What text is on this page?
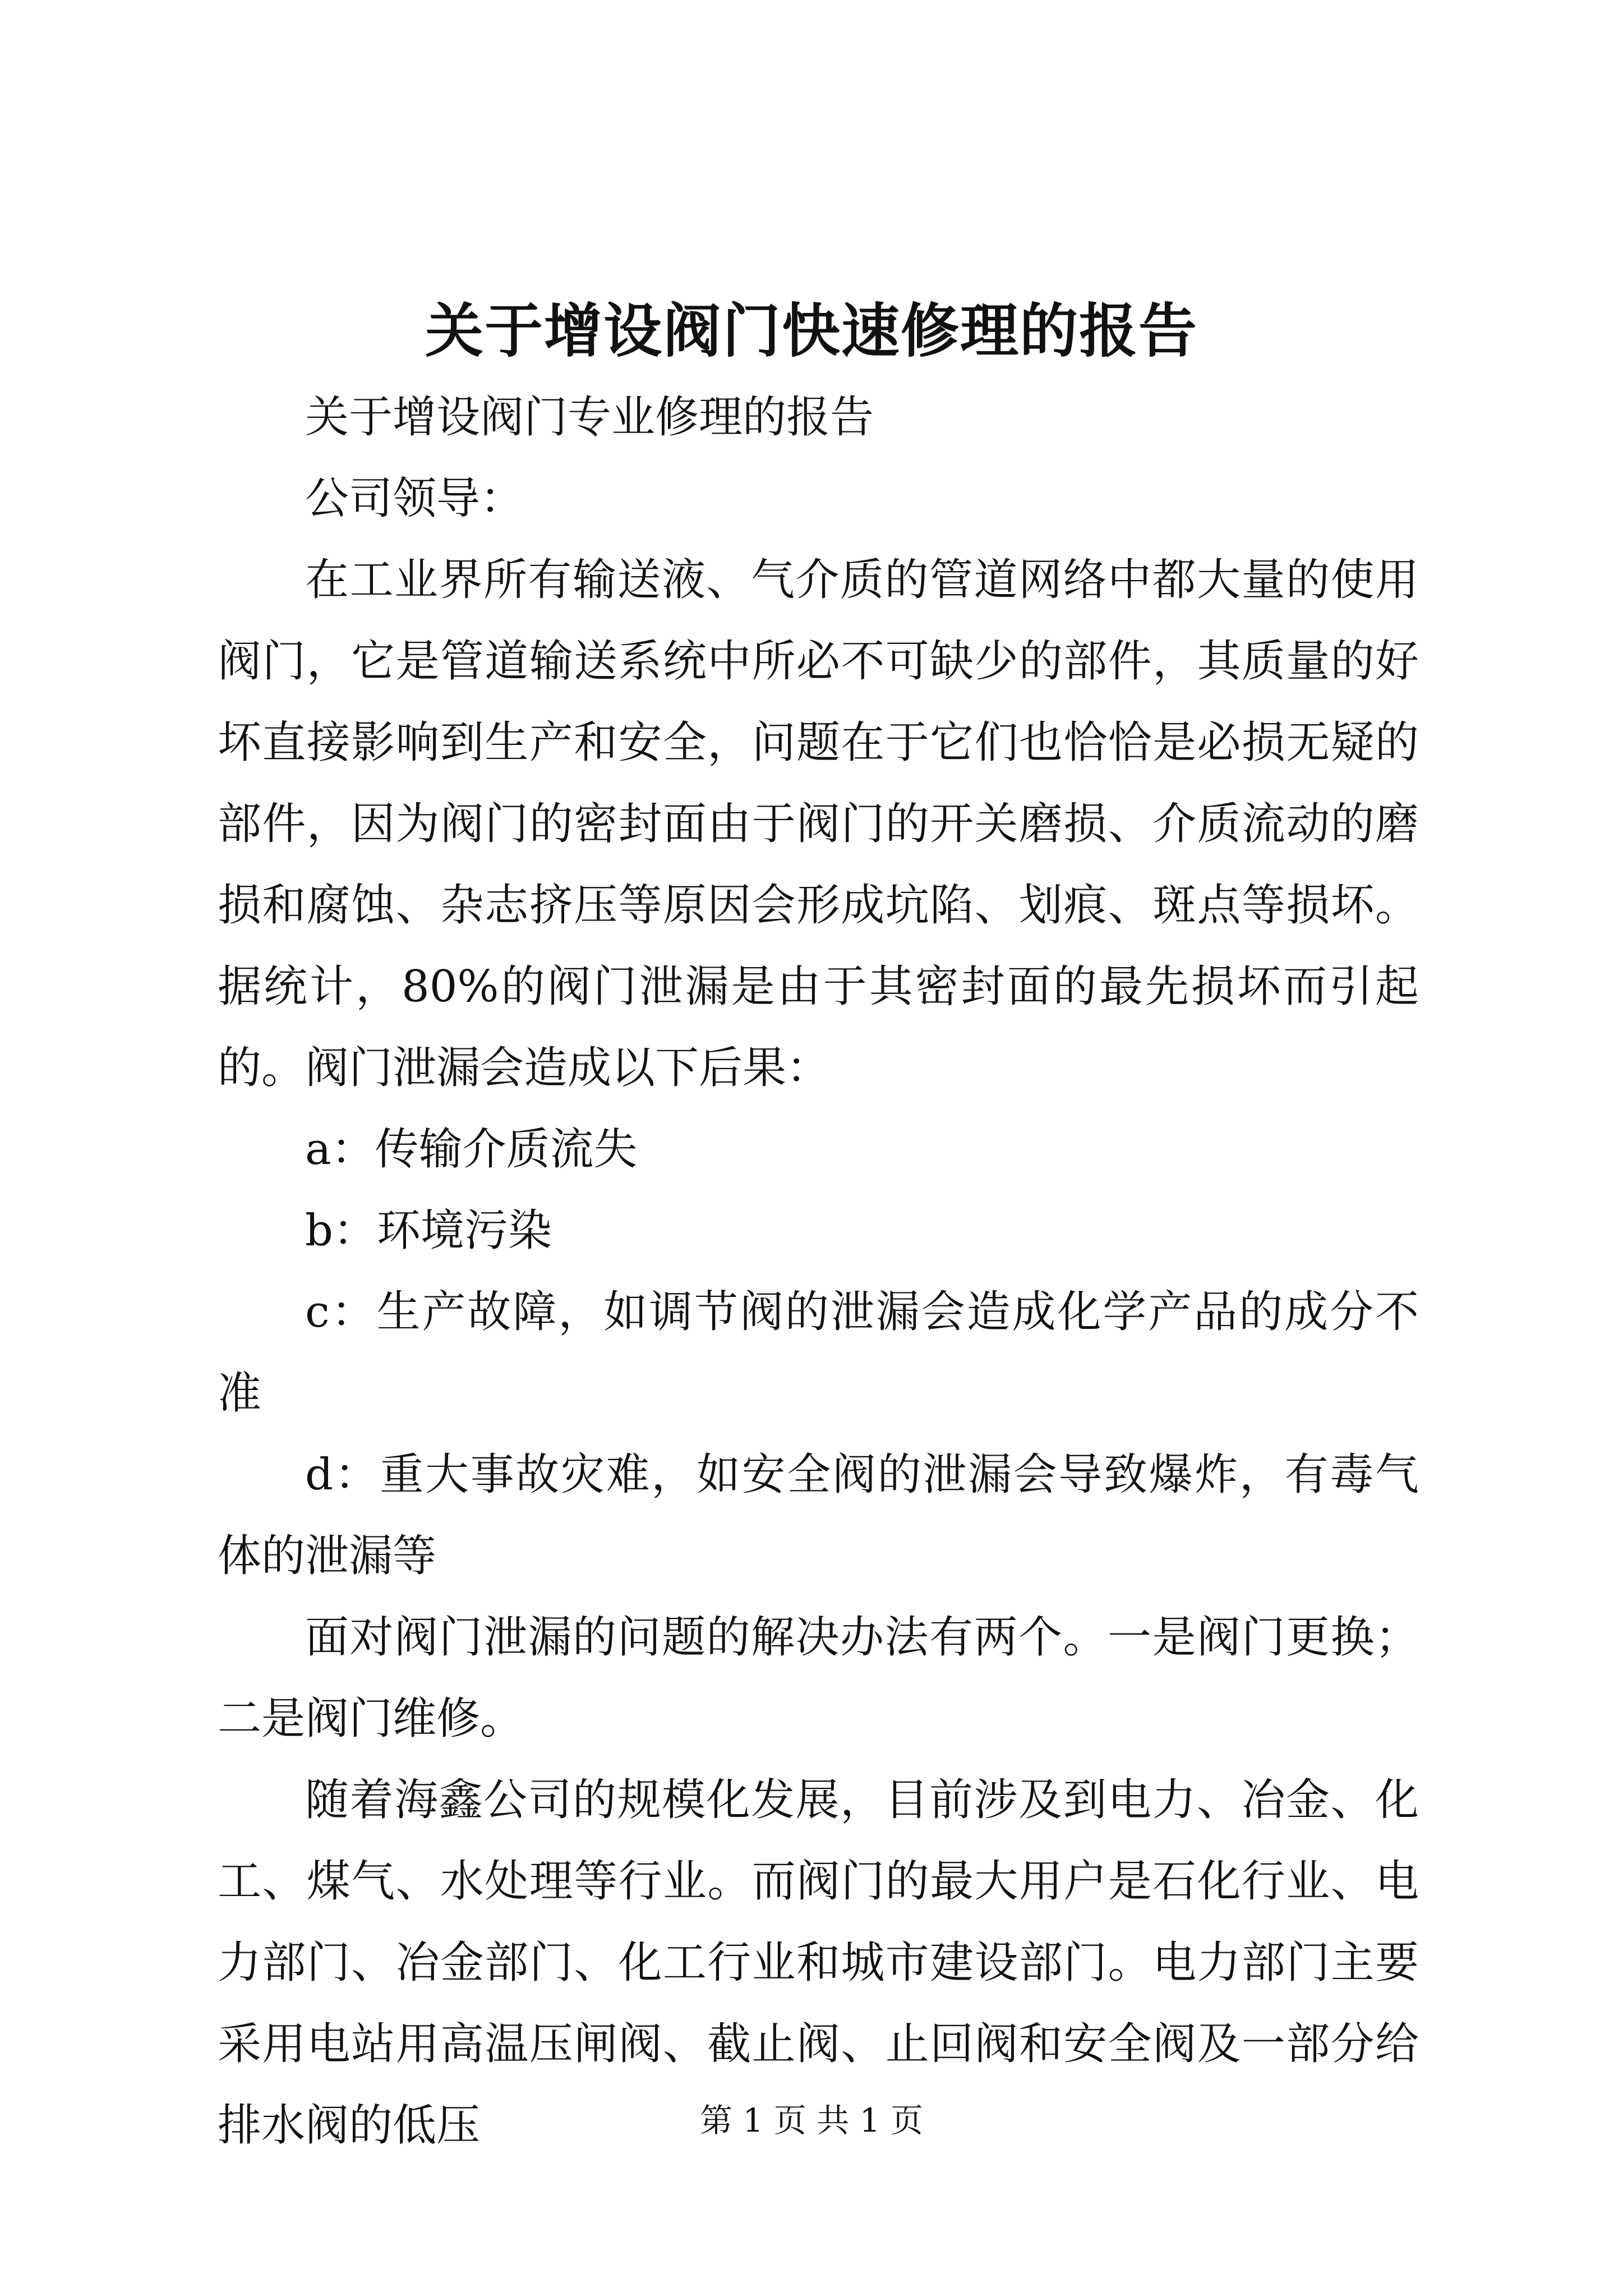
关于增设阀门快速修理的报告

关于增设阀门专业修理的报告

公司领导：

在工业界所有输送液、气介质的管道网络中都大量的使用阀门，它是管道输送系统中所必不可缺少的部件，其质量的好坏直接影响到生产和安全，问题在于它们也恰恰是必损无疑的部件，因为阀门的密封面由于阀门的开关磨损、介质流动的磨损和腐蚀、杂志挤压等原因会形成坑陷、划痕、斑点等损坏。据统计，80%的阀门泄漏是由于其密封面的最先损坏而引起的。阀门泄漏会造成以下后果：

a：传输介质流失

b：环境污染

c：生产故障，如调节阀的泄漏会造成化学产品的成分不准

d：重大事故灾难，如安全阀的泄漏会导致爆炸，有毒气体的泄漏等

面对阀门泄漏的问题的解决办法有两个。一是阀门更换；二是阀门维修。

随着海鑫公司的规模化发展，目前涉及到电力、冶金、化工、煤气、水处理等行业。而阀门的最大用户是石化行业、电力部门、冶金部门、化工行业和城市建设部门。电力部门主要采用电站用高温压闸阀、截止阀、止回阀和安全阀及一部分给排水阀的低压	第 1 页 共 1 页
